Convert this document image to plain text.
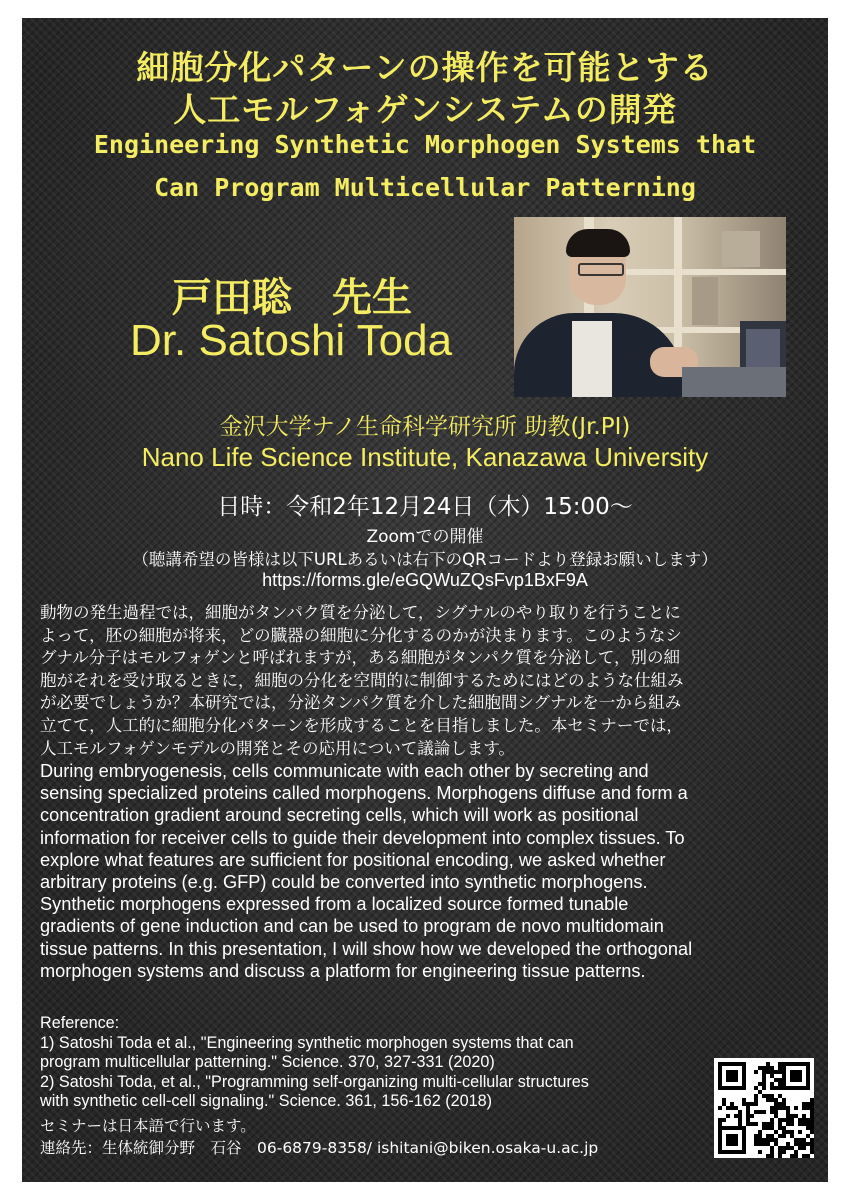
細胞分化パターンの操作を可能とする
人工モルフォゲンシステムの開発
Engineering Synthetic Morphogen Systems that
Can Program Multicellular Patterning
戸田聡　先生
Dr. Satoshi Toda
金沢大学ナノ生命科学研究所 助教(Jr.PI)
Nano Life Science Institute, Kanazawa University
日時：令和2年12月24日（木）15:00～
Zoomでの開催
（聴講希望の皆様は以下URLあるいは右下のQRコードより登録お願いします）
https://forms.gle/eGQWuZQsFvp1BxF9A
動物の発生過程では，細胞がタンパク質を分泌して，シグナルのやり取りを行うことに
よって，胚の細胞が将来，どの臓器の細胞に分化するのかが決まります。このようなシ
グナル分子はモルフォゲンと呼ばれますが，ある細胞がタンパク質を分泌して，別の細
胞がそれを受け取るときに，細胞の分化を空間的に制御するためにはどのような仕組み
が必要でしょうか？本研究では，分泌タンパク質を介した細胞間シグナルを一から組み
立てて，人工的に細胞分化パターンを形成することを目指しました。本セミナーでは，
人工モルフォゲンモデルの開発とその応用について議論します。
During embryogenesis, cells communicate with each other by secreting and
sensing specialized proteins called morphogens. Morphogens diffuse and form a
concentration gradient around secreting cells, which will work as positional
information for receiver cells to guide their development into complex tissues. To
explore what features are sufficient for positional encoding, we asked whether
arbitrary proteins (e.g. GFP) could be converted into synthetic morphogens.
Synthetic morphogens expressed from a localized source formed tunable
gradients of gene induction and can be used to program de novo multidomain
tissue patterns. In this presentation, I will show how we developed the orthogonal
morphogen systems and discuss a platform for engineering tissue patterns.
Reference:
1) Satoshi Toda et al., "Engineering synthetic morphogen systems that can
program multicellular patterning." Science. 370, 327-331 (2020)
2) Satoshi Toda, et al., "Programming self-organizing multi-cellular structures
with synthetic cell-cell signaling." Science. 361, 156-162 (2018)
セミナーは日本語で行います。
連絡先：生体統御分野　石谷　06-6879-8358/ ishitani@biken.osaka-u.ac.jp
